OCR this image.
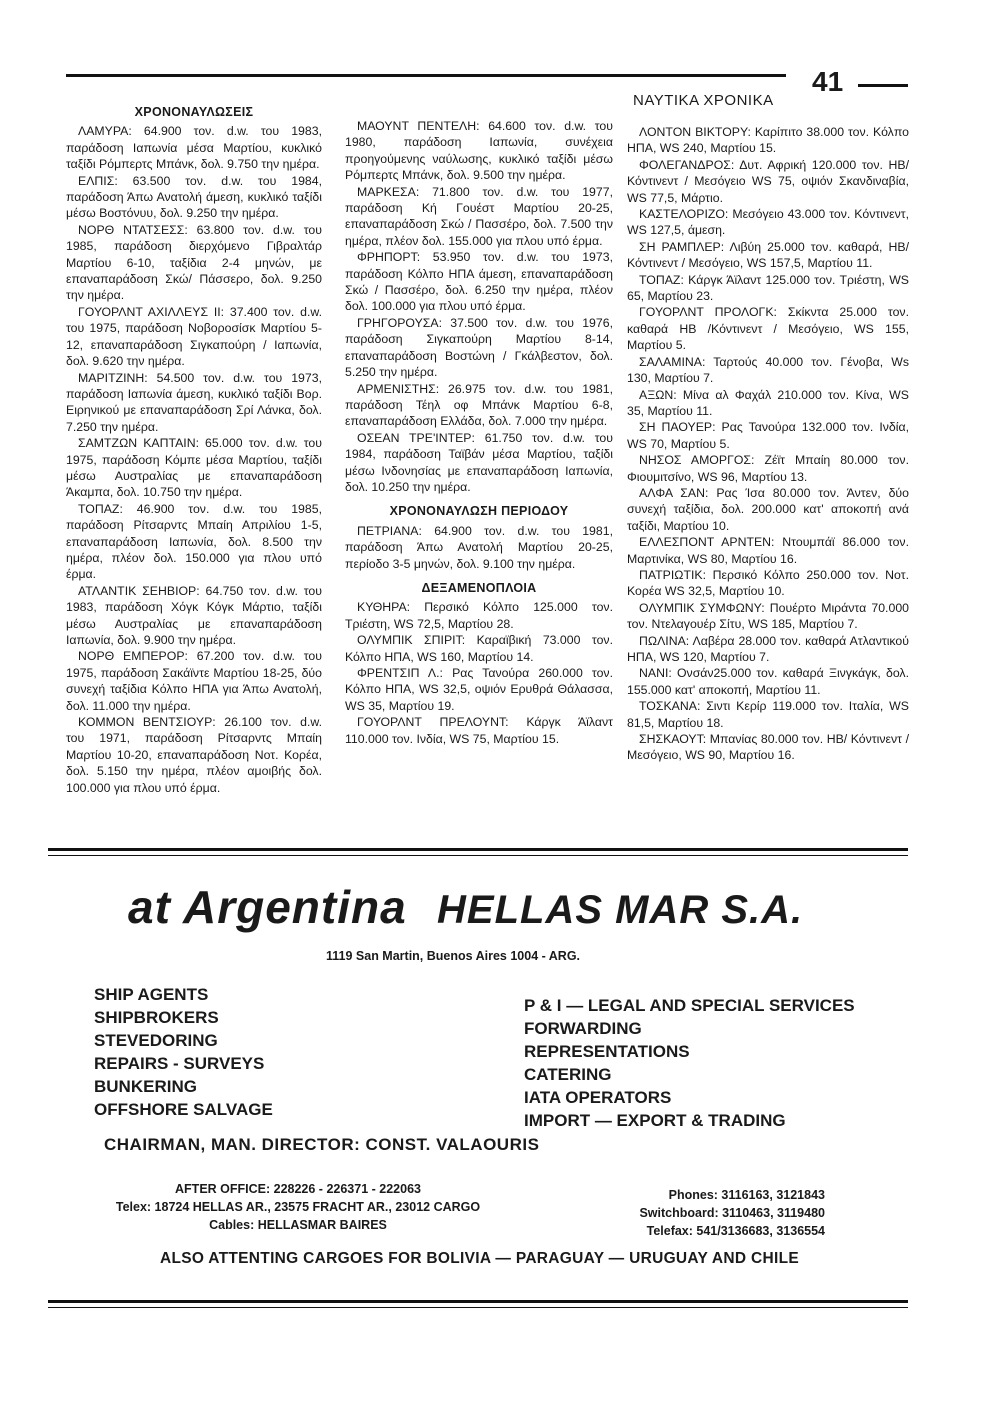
ΝΑΥΤΙΚΑ ΧΡΟΝΙΚΑ
41
ΧΡΟΝΟΝΑΥΛΩΣΕΙΣ

ΛΑΜΥΡΑ: 64.900 τον. d.w. του 1983, παράδοση Ιαπωνία μέσα Μαρτίου, κυκλικό ταξίδι Ρόμπερτς Μπάνκ, δολ. 9.750 την ημέρα.

ΕΛΠΙΣ: 63.500 τον. d.w. του 1984, παράδοση Άπω Ανατολή άμεση, κυκλικό ταξίδι μέσω Βοστόνυυ, δολ. 9.250 την ημέρα.

ΝΟΡΘ ΝΤΑΤΣΕΣΣ: 63.800 τον. d.w. του 1985, παράδοση διερχόμενο Γιβραλτάρ Μαρτίου 6-10, ταξίδια 2-4 μηνών, με επαναπαράδοση Σκώ/ Πάσσερο, δολ. 9.250 την ημέρα.

ΓΟΥΟΡΛΝΤ ΑΧΙΛΛΕΥΣ ΙΙ: 37.400 τον. d.w. του 1975, παράδοση Νοβοροσίσκ Μαρτίου 5-12, επαναπαράδοση Σιγκαπούρη / Ιαπωνία, δολ. 9.620 την ημέρα.

ΜΑΡΙΤΖΙΝΗ: 54.500 τον. d.w. του 1973, παράδοση Ιαπωνία άμεση, κυκλικό ταξίδι Βορ. Ειρηνικού με επαναπαράδοση Σρί Λάνκα, δολ. 7.250 την ημέρα.

ΣΑΜΤΖΩΝ ΚΑΠΤΑΙΝ: 65.000 τον. d.w. του 1975, παράδοση Κόμπε μέσα Μαρτίου, ταξίδι μέσω Αυστραλίας με επαναπαράδοση Άκαμπα, δολ. 10.750 την ημέρα.

ΤΟΠΑΖ: 46.900 τον. d.w. του 1985, παράδοση Ρίτσαρντς Μπαίη Απριλίου 1-5, επαναπαράδοση Ιαπωνία, δολ. 8.500 την ημέρα, πλέον δολ. 150.000 για πλου υπό έρμα.

ΑΤΛΑΝΤΙΚ ΣΕΗΒΙΟΡ: 64.750 τον. d.w. του 1983, παράδοση Χόγκ Κόγκ Μάρτιο, ταξίδι μέσω Αυστραλίας με επαναπαράδοση Ιαπωνία, δολ. 9.900 την ημέρα.

ΝΟΡΘ ΕΜΠΕΡΟΡ: 67.200 τον. d.w. του 1975, παράδοση Σακάϊντε Μαρτίου 18-25, δύο συνεχή ταξίδια Κόλπο ΗΠΑ για Άπω Ανατολή, δολ. 11.000 την ημέρα.

ΚΟΜΜΟΝ ΒΕΝΤΣΙΟΥΡ: 26.100 τον. d.w. του 1971, παράδοση Ρίτσαρντς Μπαίη Μαρτίου 10-20, επαναπαράδοση Νοτ. Κορέα, δολ. 5.150 την ημέρα, πλέον αμοιβής δολ. 100.000 για πλου υπό έρμα.

ΜΑΟΥΝΤ ΠΕΝΤΕΛΗ: 64.600 τον. d.w. του 1980, παράδοση Ιαπωνία, συνέχεια προηγούμενης ναύλωσης, κυκλικό ταξίδι μέσω Ρόμπερτς Μπάνκ, δολ. 9.500 την ημέρα.

ΜΑΡΚΕΣΑ: 71.800 τον. d.w. του 1977, παράδοση Κή Γουέστ Μαρτίου 20-25, επαναπαράδοση Σκώ / Πασσέρο, δολ. 7.500 την ημέρα, πλέον δολ. 155.000 για πλου υπό έρμα.

ΦΡΗΠΟΡΤ: 53.950 τον. d.w. του 1973, παράδοση Κόλπο ΗΠΑ άμεση, επαναπαράδοση Σκώ / Πασσέρο, δολ. 6.250 την ημέρα, πλέον δολ. 100.000 για πλου υπό έρμα.

ΓΡΗΓΟΡΟΥΣΑ: 37.500 τον. d.w. του 1976, παράδοση Σιγκαπούρη Μαρτίου 8-14, επαναπαράδοση Βοστώνη / Γκάλβεστον, δολ. 5.250 την ημέρα.

ΑΡΜΕΝΙΣΤΗΣ: 26.975 τον. d.w. του 1981, παράδοση Τέηλ οφ Μπάνκ Μαρτίου 6-8, επαναπαράδοση Ελλάδα, δολ. 7.000 την ημέρα.

ΟΣΕΑΝ ΤΡΕ'ΙΝΤΕΡ: 61.750 τον. d.w. του 1984, παράδοση Ταϊβάν μέσα Μαρτίου, ταξίδι μέσω Ινδονησίας με επαναπαράδοση Ιαπωνία, δολ. 10.250 την ημέρα.

ΧΡΟΝΟΝΑΥΛΩΣΗ ΠΕΡΙΟΔΟΥ

ΠΕΤΡΙΑΝΑ: 64.900 τον. d.w. του 1981, παράδοση Άπω Ανατολή Μαρτίου 20-25, περίοδο 3-5 μηνών, δολ. 9.100 την ημέρα.

ΔΕΞΑΜΕΝΟΠΛΟΙΑ

ΚΥΘΗΡΑ: Περσικό Κόλπο 125.000 τον. Τριέστη, WS 72,5, Μαρτίου 28.

ΟΛΥΜΠΙΚ ΣΠΙΡΙΤ: Καραϊβική 73.000 τον. Κόλπο ΗΠΑ, WS 160, Μαρτίου 14.

ΦΡΕΝΤΣΙΠ Λ.: Ρας Τανούρα 260.000 τον. Κόλπο ΗΠΑ, WS 32,5, οψιόν Ερυθρά Θάλασσα, WS 35, Μαρτίου 19.

ΓΟΥΟΡΛΝΤ ΠΡΕΛΟΥΝΤ: Κάργκ Άϊλαντ 110.000 τον. Ινδία, WS 75, Μαρτίου 15.

ΛΟΝΤΟΝ ΒΙΚΤΟΡΥ: Καρίπιτο 38.000 τον. Κόλπο ΗΠΑ, WS 240, Μαρτίου 15.

ΦΟΛΕΓΑΝΔΡΟΣ: Δυτ. Αφρική 120.000 τον. ΗΒ/Κόντινεντ / Μεσόγειο WS 75, οψιόν Σκανδιναβία, WS 77,5, Μάρτιο.

ΚΑΣΤΕΛΟΡΙΖΟ: Μεσόγειο 43.000 τον. Κόντινεντ, WS 127,5, άμεση.

ΣΗ ΡΑΜΠΛΕΡ: Λιβύη 25.000 τον. καθαρά, ΗΒ/ Κόντινεντ / Μεσόγειο, WS 157,5, Μαρτίου 11.

ΤΟΠΑΖ: Κάργκ Άϊλαντ 125.000 τον. Τριέστη, WS 65, Μαρτίου 23.

ΓΟΥΟΡΛΝΤ ΠΡΟΛΟΓΚ: Σκίκντα 25.000 τον. καθαρά ΗΒ /Κόντινεντ / Μεσόγειο, WS 155, Μαρτίου 5.

ΣΑΛΑΜΙΝΑ: Ταρτούς 40.000 τον. Γένοβα, Ws 130, Μαρτίου 7.

ΑΞΩΝ: Μίνα αλ Φαχάλ 210.000 τον. Κίνα, WS 35, Μαρτίου 11.

ΣΗ ΠΑΟΥΕΡ: Ρας Τανούρα 132.000 τον. Ινδία, WS 70, Μαρτίου 5.

ΝΗΣΟΣ ΑΜΟΡΓΟΣ: Ζέϊτ Μπαίη 80.000 τον. Φιουμιτσίνο, WS 96, Μαρτίου 13.

ΑΛΦΑ ΣΑΝ: Ρας Ίσα 80.000 τον. Άντεν, δύο συνεχή ταξίδια, δολ. 200.000 κατ' αποκοπή ανά ταξίδι, Μαρτίου 10.

ΕΛΛΕΣΠΟΝΤ ΑΡΝΤΕΝ: Ντουμπάϊ 86.000 τον. Μαρτινίκα, WS 80, Μαρτίου 16.

ΠΑΤΡΙΩΤΙΚ: Περσικό Κόλπο 250.000 τον. Νοτ. Κορέα WS 32,5, Μαρτίου 10.

ΟΛΥΜΠΙΚ ΣΥΜΦΩΝΥ: Πουέρτο Μιράντα 70.000 τον. Ντελαγουέρ Σίτυ, WS 185, Μαρτίου 7.

ΠΩΛΙΝΑ: Λαβέρα 28.000 τον. καθαρά Ατλαντικού ΗΠΑ, WS 120, Μαρτίου 7.

ΝΑΝΙ: Ονσάν25.000 τον. καθαρά Ξινγκάγκ, δολ. 155.000 κατ' αποκοπή, Μαρτίου 11.

ΤΟΣΚΑΝΑ: Σιντι Κερίρ 119.000 τον. Ιταλία, WS 81,5, Μαρτίου 18.

ΣΗΣΚΑΟΥΤ: Μπανίας 80.000 τον. ΗΒ/ Κόντινεντ / Μεσόγειο, WS 90, Μαρτίου 16.

at Argentina HELLAS MAR S.A.
1119 San Martin, Buenos Aires 1004 - ARG.
SHIP AGENTS
SHIPBROKERS
STEVEDORING
REPAIRS - SURVEYS
BUNKERING
OFFSHORE SALVAGE
P & I — LEGAL AND SPECIAL SERVICES
FORWARDING
REPRESENTATIONS
CATERING
IATA OPERATORS
IMPORT — EXPORT & TRADING
CHAIRMAN, MAN. DIRECTOR: CONST. VALAOURIS
AFTER OFFICE: 228226 - 226371 - 222063
Telex: 18724 HELLAS AR., 23575 FRACHT AR., 23012 CARGO
Cables: HELLASMAR BAIRES
Phones: 3116163, 3121843
Switchboard: 3110463, 3119480
Telefax: 541/3136683, 3136554
ALSO ATTENTING CARGOES FOR BOLIVIA — PARAGUAY — URUGUAY AND CHILE
